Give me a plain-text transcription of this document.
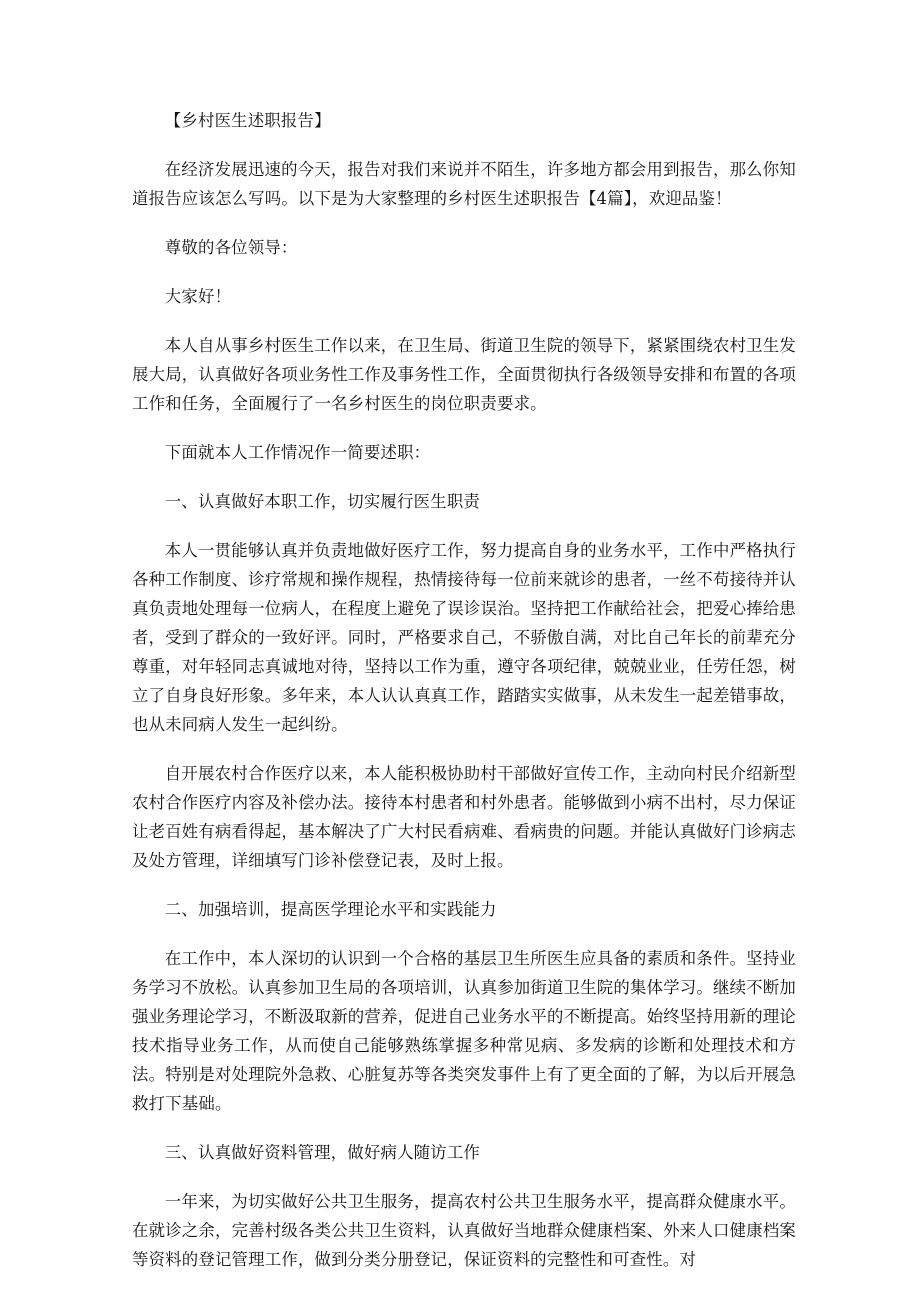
【乡村医生述职报告】

在经济发展迅速的今天，报告对我们来说并不陌生，许多地方都会用到报告，那么你知道报告应该怎么写吗。以下是为大家整理的乡村医生述职报告【4篇】，欢迎品鉴！

尊敬的各位领导：

大家好！

本人自从事乡村医生工作以来，在卫生局、街道卫生院的领导下，紧紧围绕农村卫生发展大局，认真做好各项业务性工作及事务性工作，全面贯彻执行各级领导安排和布置的各项工作和任务，全面履行了一名乡村医生的岗位职责要求。

下面就本人工作情况作一简要述职：

一、认真做好本职工作，切实履行医生职责

本人一贯能够认真并负责地做好医疗工作，努力提高自身的业务水平，工作中严格执行各种工作制度、诊疗常规和操作规程，热情接待每一位前来就诊的患者，一丝不苟接待并认真负责地处理每一位病人，在程度上避免了误诊误治。坚持把工作献给社会，把爱心捧给患者，受到了群众的一致好评。同时，严格要求自己，不骄傲自满，对比自己年长的前辈充分尊重，对年轻同志真诚地对待，坚持以工作为重，遵守各项纪律，兢兢业业，任劳任怨，树立了自身良好形象。多年来，本人认认真真工作，踏踏实实做事，从未发生一起差错事故，也从未同病人发生一起纠纷。

自开展农村合作医疗以来，本人能积极协助村干部做好宣传工作，主动向村民介绍新型农村合作医疗内容及补偿办法。接待本村患者和村外患者。能够做到小病不出村，尽力保证让老百姓有病看得起，基本解决了广大村民看病难、看病贵的问题。并能认真做好门诊病志及处方管理，详细填写门诊补偿登记表，及时上报。

二、加强培训，提高医学理论水平和实践能力

在工作中，本人深切的认识到一个合格的基层卫生所医生应具备的素质和条件。坚持业务学习不放松。认真参加卫生局的各项培训，认真参加街道卫生院的集体学习。继续不断加强业务理论学习，不断汲取新的营养，促进自己业务水平的不断提高。始终坚持用新的理论技术指导业务工作，从而使自己能够熟练掌握多种常见病、多发病的诊断和处理技术和方法。特别是对处理院外急救、心脏复苏等各类突发事件上有了更全面的了解，为以后开展急救打下基础。

三、认真做好资料管理，做好病人随访工作

一年来，为切实做好公共卫生服务，提高农村公共卫生服务水平，提高群众健康水平。在就诊之余，完善村级各类公共卫生资料，认真做好当地群众健康档案、外来人口健康档案等资料的登记管理工作，做到分类分册登记，保证资料的完整性和可查性。对
